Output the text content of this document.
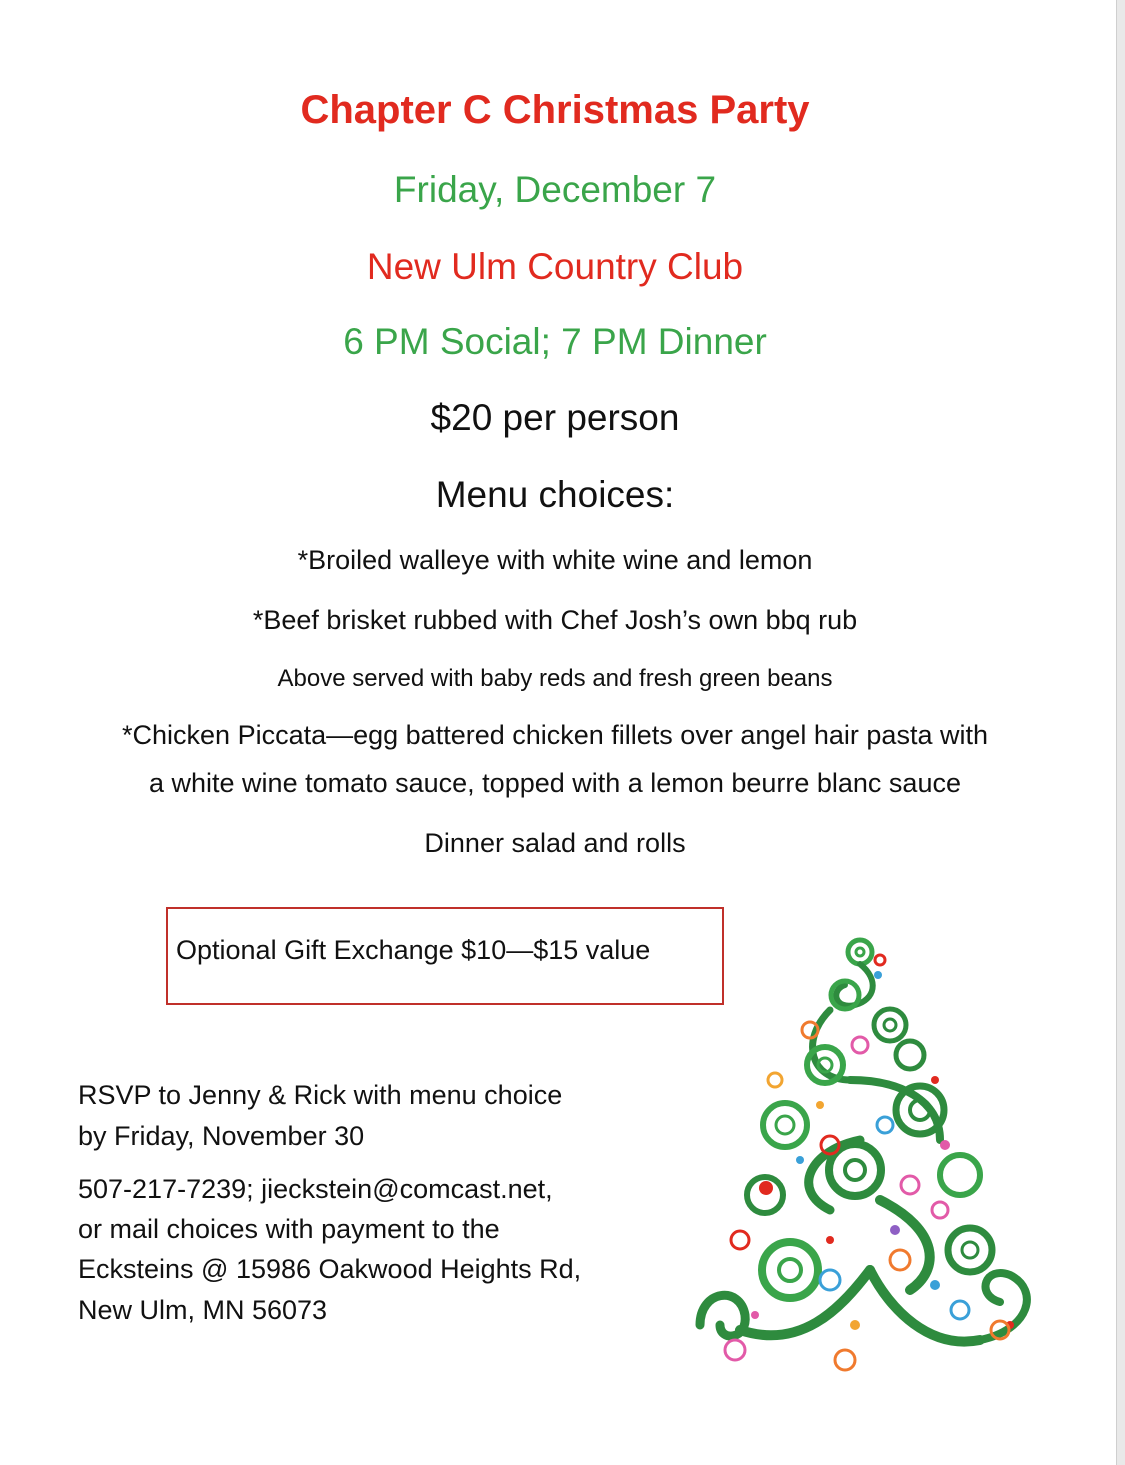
Chapter C Christmas Party
Friday, December 7
New Ulm Country Club
6 PM Social; 7 PM Dinner
$20 per person
Menu choices:
*Broiled walleye with white wine and lemon
*Beef brisket rubbed with Chef Josh’s own bbq rub
Above served with baby reds and fresh green beans
*Chicken Piccata—egg battered chicken fillets over angel hair pasta with
a white wine tomato sauce, topped with a lemon beurre blanc sauce
Dinner salad and rolls
Optional Gift Exchange $10—$15 value
RSVP to Jenny & Rick with menu choice
by Friday, November 30
507-217-7239; jieckstein@comcast.net,
or mail choices with payment to the
Ecksteins @ 15986 Oakwood Heights Rd,
New Ulm, MN 56073
